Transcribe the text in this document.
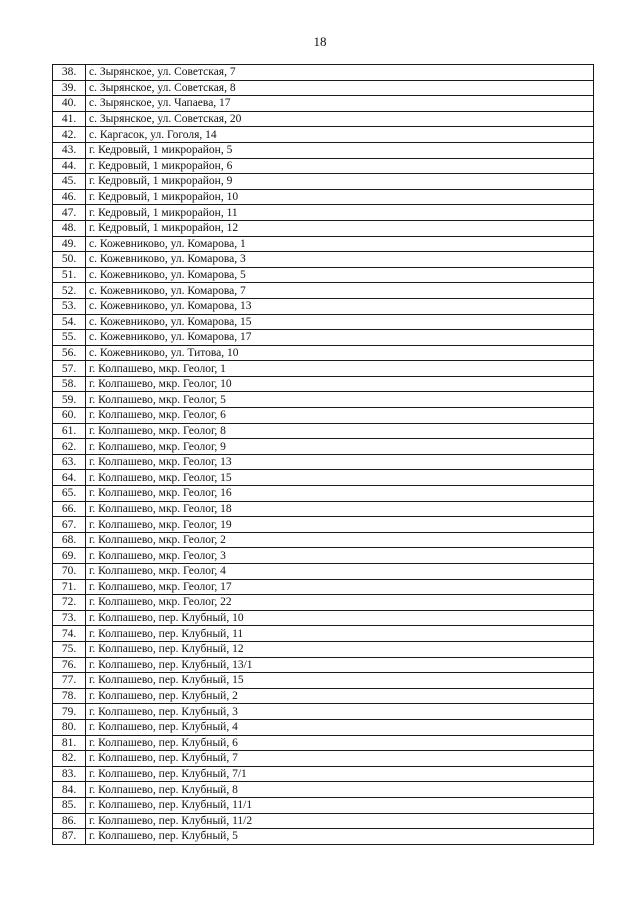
18
38.	с. Зырянское, ул. Советская, 7
39.	с. Зырянское, ул. Советская, 8
40.	с. Зырянское, ул. Чапаева, 17
41.	с. Зырянское, ул. Советская, 20
42.	с. Каргасок, ул. Гоголя, 14
43.	г. Кедровый, 1 микрорайон, 5
44.	г. Кедровый, 1 микрорайон, 6
45.	г. Кедровый, 1 микрорайон, 9
46.	г. Кедровый, 1 микрорайон, 10
47.	г. Кедровый, 1 микрорайон, 11
48.	г. Кедровый, 1 микрорайон, 12
49.	с. Кожевниково, ул. Комарова, 1
50.	с. Кожевниково, ул. Комарова, 3
51.	с. Кожевниково, ул. Комарова, 5
52.	с. Кожевниково, ул. Комарова, 7
53.	с. Кожевниково, ул. Комарова, 13
54.	с. Кожевниково, ул. Комарова, 15
55.	с. Кожевниково, ул. Комарова, 17
56.	с. Кожевниково, ул. Титова, 10
57.	г. Колпашево, мкр. Геолог, 1
58.	г. Колпашево, мкр. Геолог, 10
59.	г. Колпашево, мкр. Геолог, 5
60.	г. Колпашево, мкр. Геолог, 6
61.	г. Колпашево, мкр. Геолог, 8
62.	г. Колпашево, мкр. Геолог, 9
63.	г. Колпашево, мкр. Геолог, 13
64.	г. Колпашево, мкр. Геолог, 15
65.	г. Колпашево, мкр. Геолог, 16
66.	г. Колпашево, мкр. Геолог, 18
67.	г. Колпашево, мкр. Геолог, 19
68.	г. Колпашево, мкр. Геолог, 2
69.	г. Колпашево, мкр. Геолог, 3
70.	г. Колпашево, мкр. Геолог, 4
71.	г. Колпашево, мкр. Геолог, 17
72.	г. Колпашево, мкр. Геолог, 22
73.	г. Колпашево, пер. Клубный, 10
74.	г. Колпашево, пер. Клубный, 11
75.	г. Колпашево, пер. Клубный, 12
76.	г. Колпашево, пер. Клубный, 13/1
77.	г. Колпашево, пер. Клубный, 15
78.	г. Колпашево, пер. Клубный, 2
79.	г. Колпашево, пер. Клубный, 3
80.	г. Колпашево, пер. Клубный, 4
81.	г. Колпашево, пер. Клубный, 6
82.	г. Колпашево, пер. Клубный, 7
83.	г. Колпашево, пер. Клубный, 7/1
84.	г. Колпашево, пер. Клубный, 8
85.	г. Колпашево, пер. Клубный, 11/1
86.	г. Колпашево, пер. Клубный, 11/2
87.	г. Колпашево, пер. Клубный, 5
